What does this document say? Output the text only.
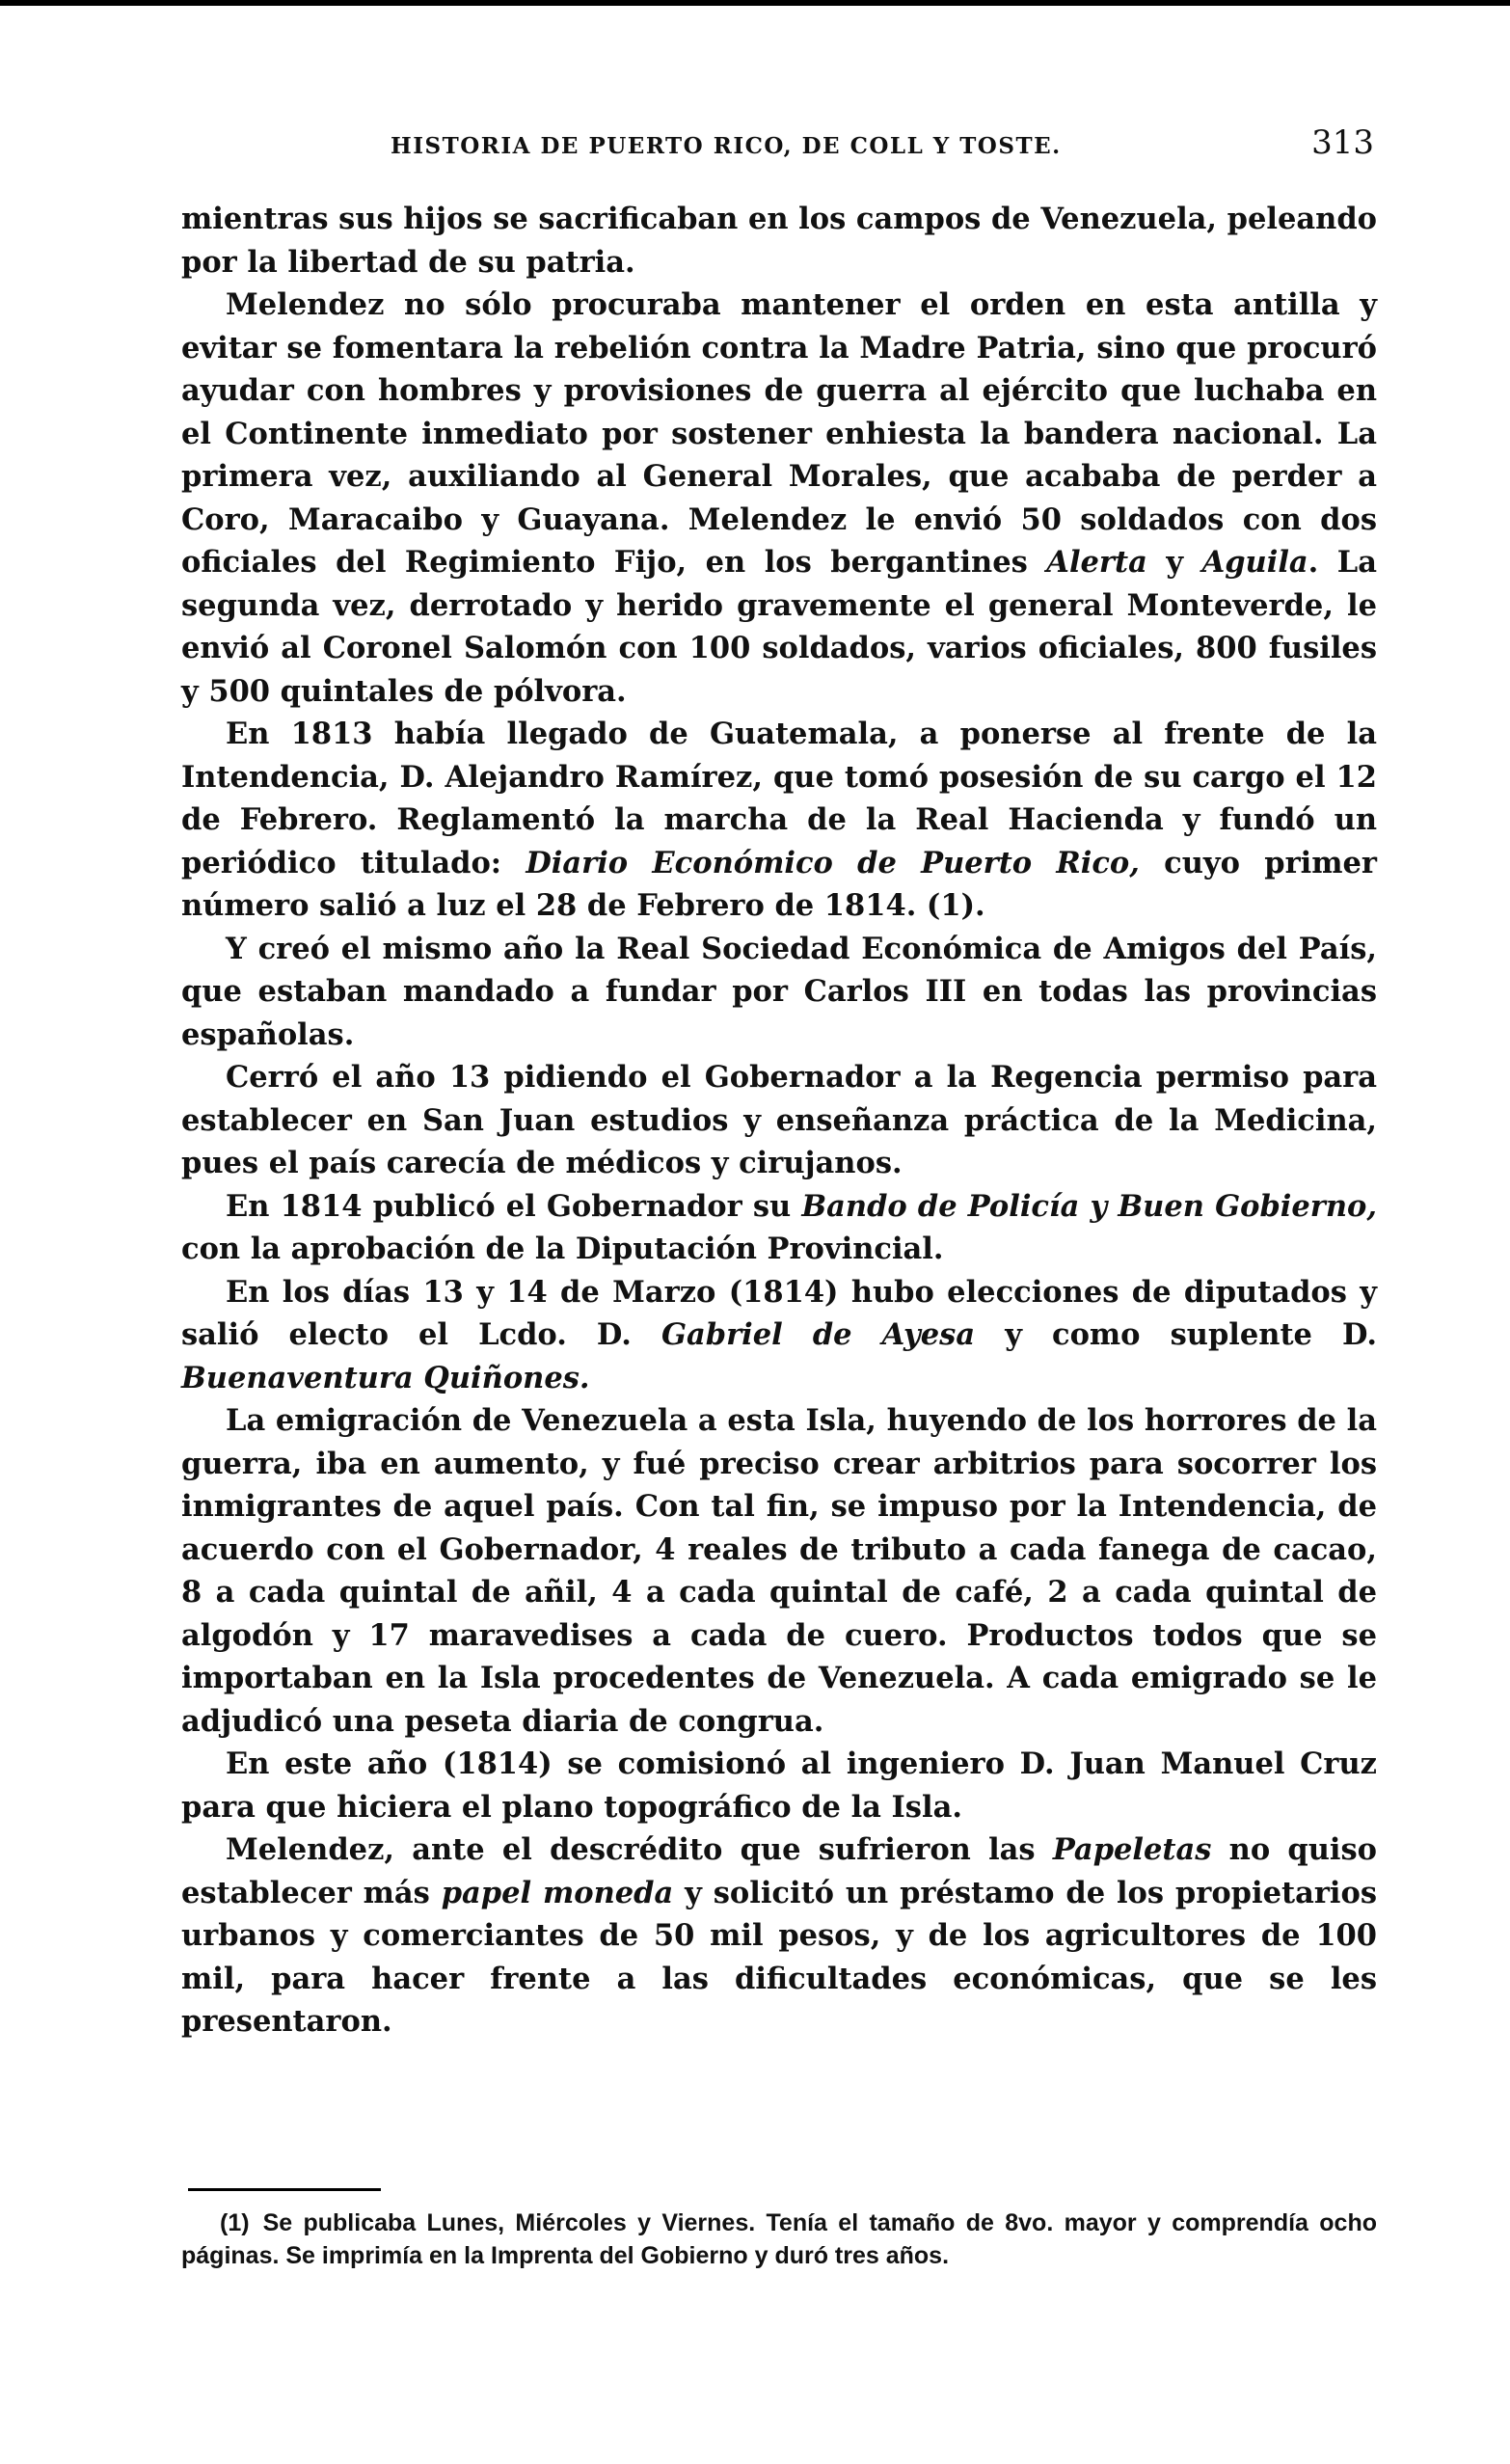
HISTORIA DE PUERTO RICO, DE COLL Y TOSTE.	313

mientras sus hijos se sacrificaban en los campos de Venezuela, peleando por la libertad de su patria.

Melendez no sólo procuraba mantener el orden en esta antilla y evitar se fomentara la rebelión contra la Madre Patria, sino que procuró ayudar con hombres y provisiones de guerra al ejército que luchaba en el Continente inmediato por sostener enhiesta la bandera nacional. La primera vez, auxiliando al General Morales, que acababa de perder a Coro, Maracaibo y Guayana. Melendez le envió 50 soldados con dos oficiales del Regimiento Fijo, en los bergantines Alerta y Aguila. La segunda vez, derrotado y herido gravemente el general Monteverde, le envió al Coronel Salomón con 100 soldados, varios oficiales, 800 fusiles y 500 quintales de pólvora.

En 1813 había llegado de Guatemala, a ponerse al frente de la Intendencia, D. Alejandro Ramírez, que tomó posesión de su cargo el 12 de Febrero. Reglamentó la marcha de la Real Hacienda y fundó un periódico titulado: Diario Económico de Puerto Rico, cuyo primer número salió a luz el 28 de Febrero de 1814. (1).

Y creó el mismo año la Real Sociedad Económica de Amigos del País, que estaban mandado a fundar por Carlos III en todas las provincias españolas.

Cerró el año 13 pidiendo el Gobernador a la Regencia permiso para establecer en San Juan estudios y enseñanza práctica de la Medicina, pues el país carecía de médicos y cirujanos.

En 1814 publicó el Gobernador su Bando de Policía y Buen Gobierno, con la aprobación de la Diputación Provincial.

En los días 13 y 14 de Marzo (1814) hubo elecciones de diputados y salió electo el Lcdo. D. Gabriel de Ayesa y como suplente D. Buenaventura Quiñones.

La emigración de Venezuela a esta Isla, huyendo de los horrores de la guerra, iba en aumento, y fué preciso crear arbitrios para socorrer los inmigrantes de aquel país. Con tal fin, se impuso por la Intendencia, de acuerdo con el Gobernador, 4 reales de tributo a cada fanega de cacao, 8 a cada quintal de añil, 4 a cada quintal de café, 2 a cada quintal de algodón y 17 maravedises a cada de cuero. Productos todos que se importaban en la Isla procedentes de Venezuela. A cada emigrado se le adjudicó una peseta diaria de congrua.

En este año (1814) se comisionó al ingeniero D. Juan Manuel Cruz para que hiciera el plano topográfico de la Isla.

Melendez, ante el descrédito que sufrieron las Papeletas no quiso establecer más papel moneda y solicitó un préstamo de los propietarios urbanos y comerciantes de 50 mil pesos, y de los agricultores de 100 mil, para hacer frente a las dificultades económicas, que se les presentaron.

(1) Se publicaba Lunes, Miércoles y Viernes. Tenía el tamaño de 8vo. mayor y comprendía ocho páginas. Se imprimía en la Imprenta del Gobierno y duró tres años.
